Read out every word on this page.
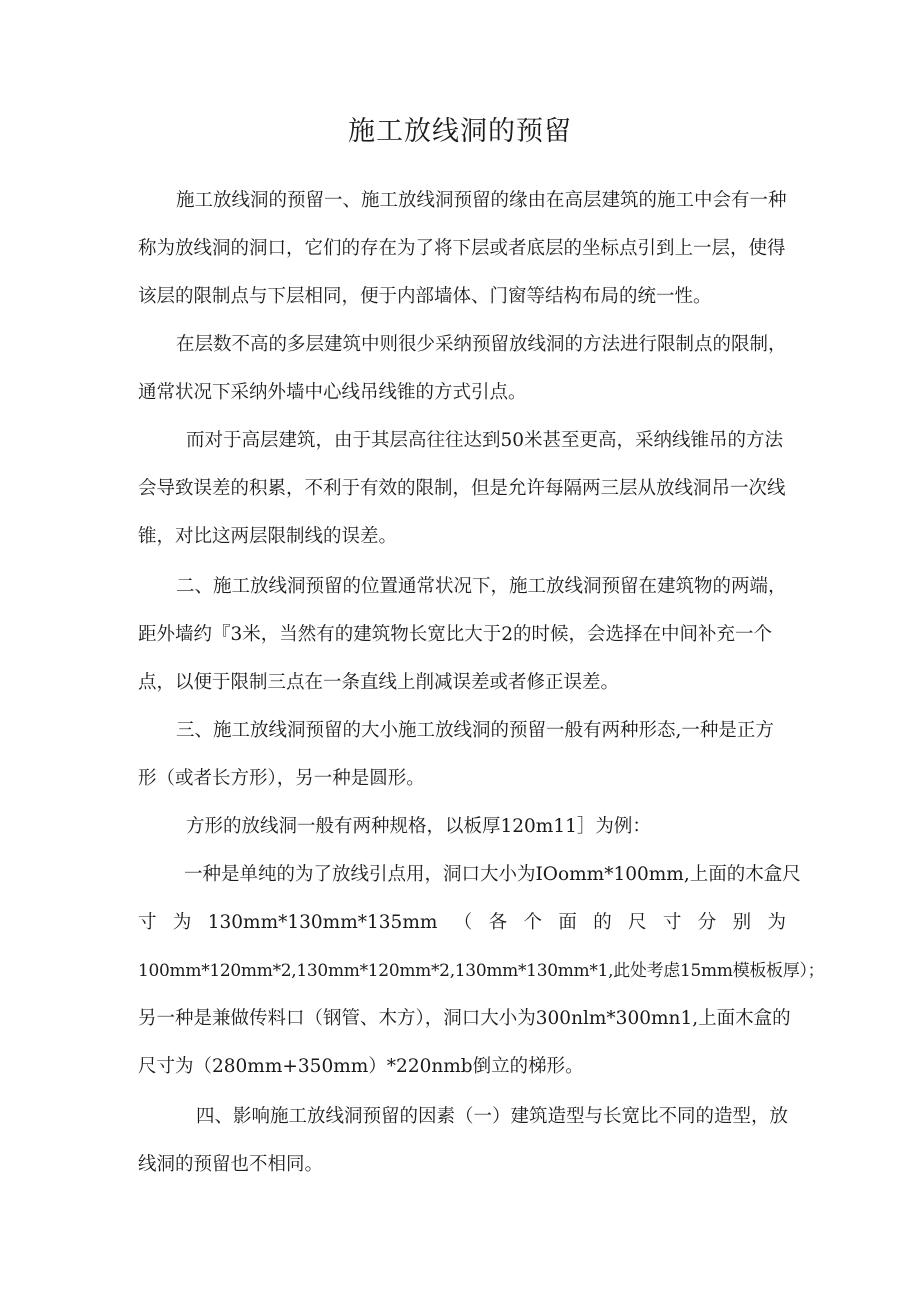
施工放线洞的预留

施工放线洞的预留一、施工放线洞预留的缘由在高层建筑的施工中会有一种

称为放线洞的洞口，它们的存在为了将下层或者底层的坐标点引到上一层，使得

该层的限制点与下层相同，便于内部墙体、门窗等结构布局的统一性。

在层数不高的多层建筑中则很少采纳预留放线洞的方法进行限制点的限制，

通常状况下采纳外墙中心线吊线锥的方式引点。

而对于高层建筑，由于其层高往往达到50米甚至更高，采纳线锥吊的方法

会导致误差的积累，不利于有效的限制，但是允许每隔两三层从放线洞吊一次线

锥，对比这两层限制线的误差。

二、施工放线洞预留的位置通常状况下，施工放线洞预留在建筑物的两端，

距外墙约『3米，当然有的建筑物长宽比大于2的时候，会选择在中间补充一个

点，以便于限制三点在一条直线上削减误差或者修正误差。

三、施工放线洞预留的大小施工放线洞的预留一般有两种形态,一种是正方

形（或者长方形），另一种是圆形。

方形的放线洞一般有两种规格，以板厚120m11］为例：

一种是单纯的为了放线引点用，洞口大小为IOomm*100mm,上面的木盒尺

寸为130mm*130mm*135mm（各个面的尺寸分别为

100mm*120mm*2,130mm*120mm*2,130mm*130mm*1,此处考虑15mm模板板厚）；

另一种是兼做传料口（钢管、木方），洞口大小为300nlm*300mn1,上面木盒的

尺寸为（280mm+350mm）*220nmb倒立的梯形。

四、影响施工放线洞预留的因素（一）建筑造型与长宽比不同的造型，放

线洞的预留也不相同。
